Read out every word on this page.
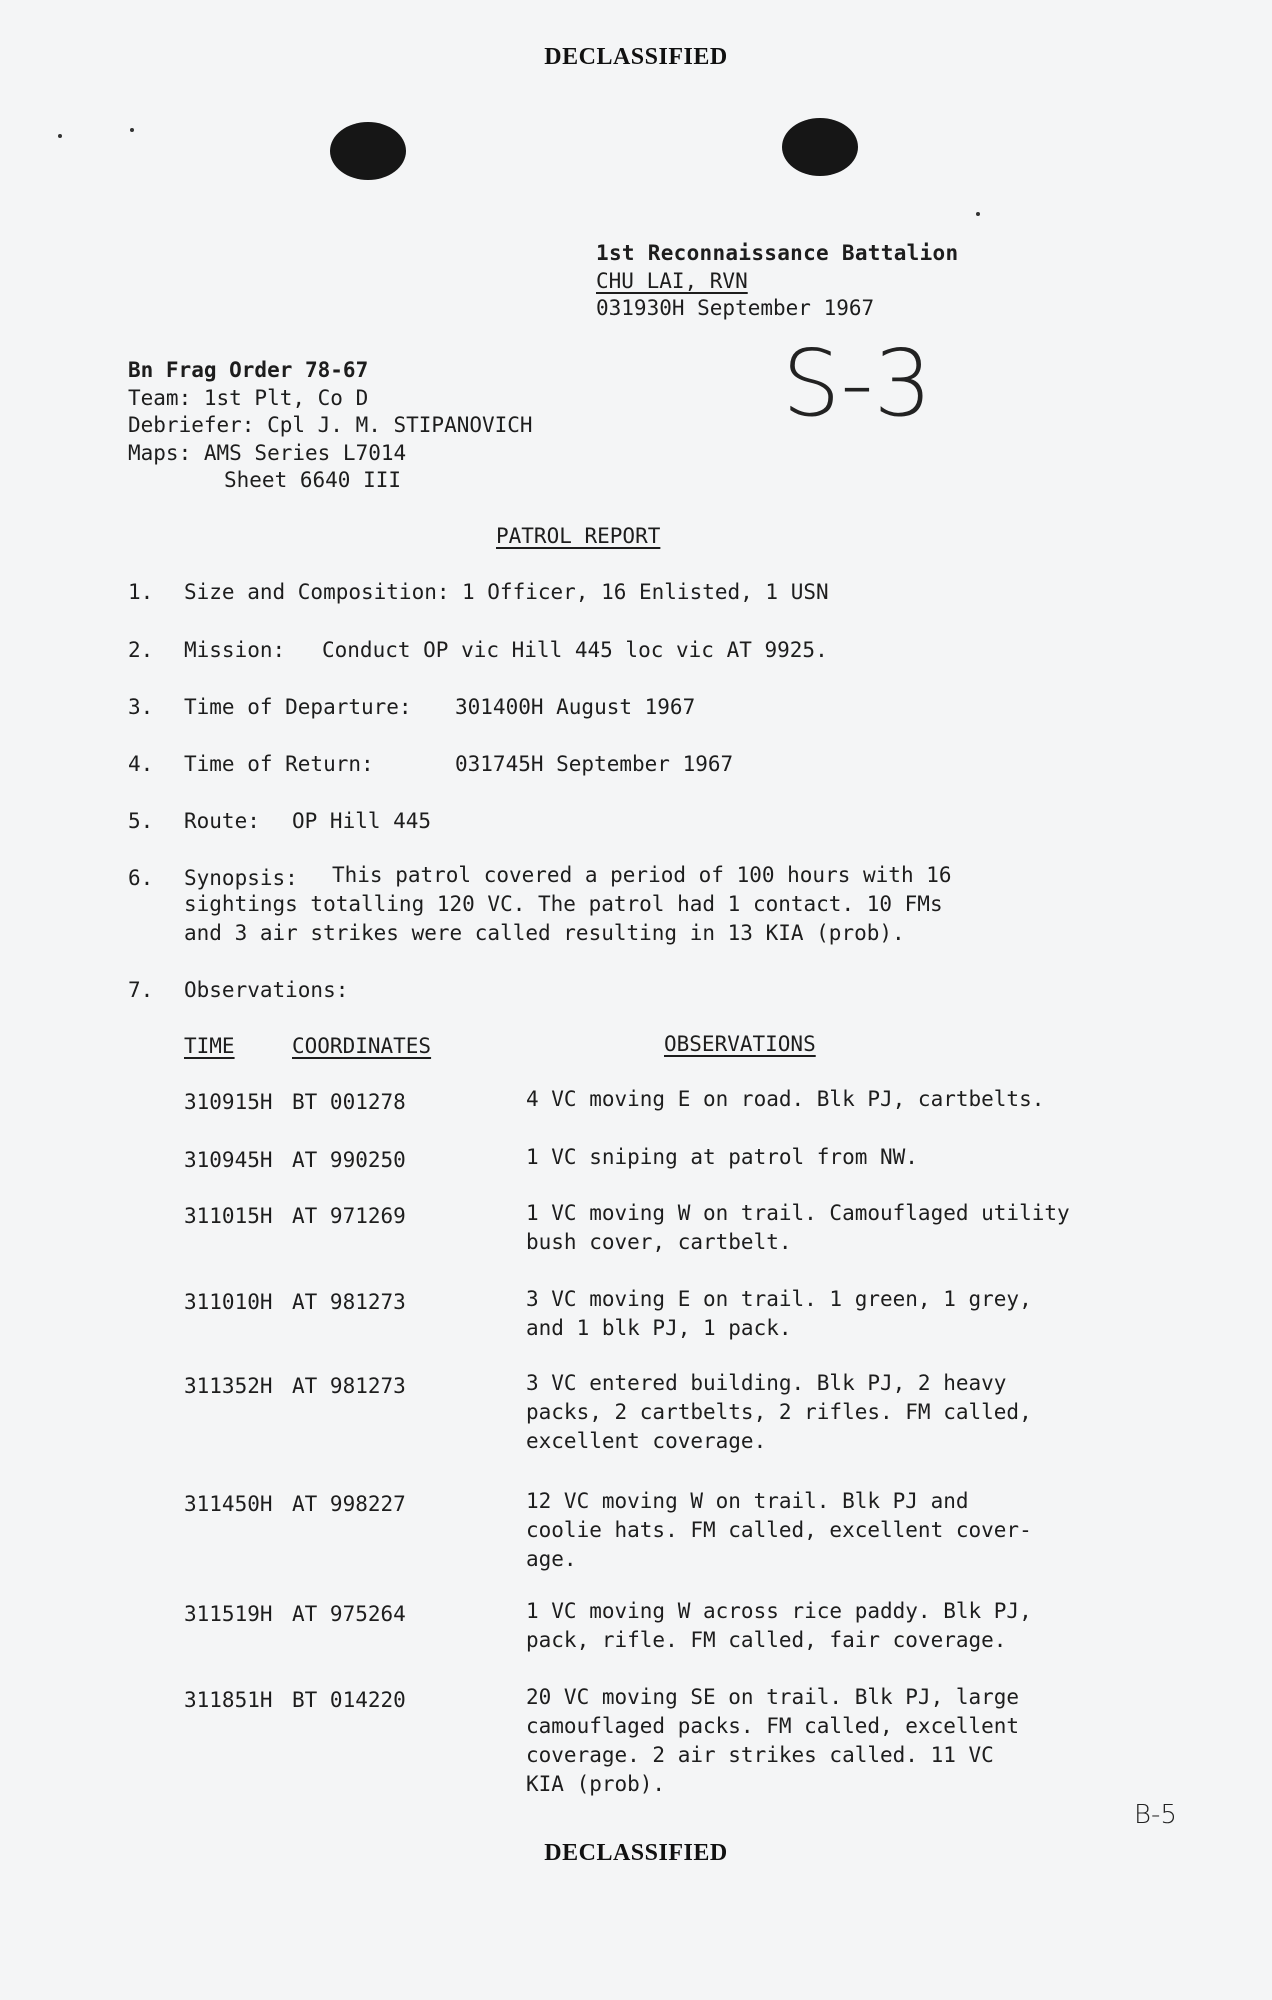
DECLASSIFIED
1st Reconnaissance Battalion
CHU LAI, RVN
031930H September 1967
Bn Frag Order 78-67
Team: 1st Plt, Co D
Debriefer: Cpl J. M. STIPANOVICH
Maps: AMS Series L7014
Sheet 6640 III
S-3
PATROL REPORT
1. Size and Composition: 1 Officer, 16 Enlisted, 1 USN
2. Mission: Conduct OP vic Hill 445 loc vic AT 9925.
3. Time of Departure: 301400H August 1967
4. Time of Return:	031745H September 1967
5. Route: OP Hill 445
6. Synopsis:	This patrol covered a period of 100 hours with 16
sightings totalling 120 VC. The patrol had 1 contact. 10 FMs
and 3 air strikes were called resulting in 13 KIA (prob).
7. Observations:
TIME	COORDINATES	OBSERVATIONS
310915H BT 001278	4 VC moving E on road. Blk PJ, cartbelts.
310945H AT 990250	1 VC sniping at patrol from NW.
311015H AT 971269	1 VC moving W on trail. Camouflaged utility
bush cover, cartbelt.
311010H AT 981273	3 VC moving E on trail. 1 green, 1 grey,
and 1 blk PJ, 1 pack.
311352H AT 981273	3 VC entered building. Blk PJ, 2 heavy
packs, 2 cartbelts, 2 rifles. FM called,
excellent coverage.
311450H AT 998227	12 VC moving W on trail. Blk PJ and
coolie hats. FM called, excellent cover-
age.
311519H AT 975264	1 VC moving W across rice paddy. Blk PJ,
pack, rifle. FM called, fair coverage.
311851H BT 014220	20 VC moving SE on trail. Blk PJ, large
camouflaged packs. FM called, excellent
coverage. 2 air strikes called. 11 VC
KIA (prob).
B-5
DECLASSIFIED
